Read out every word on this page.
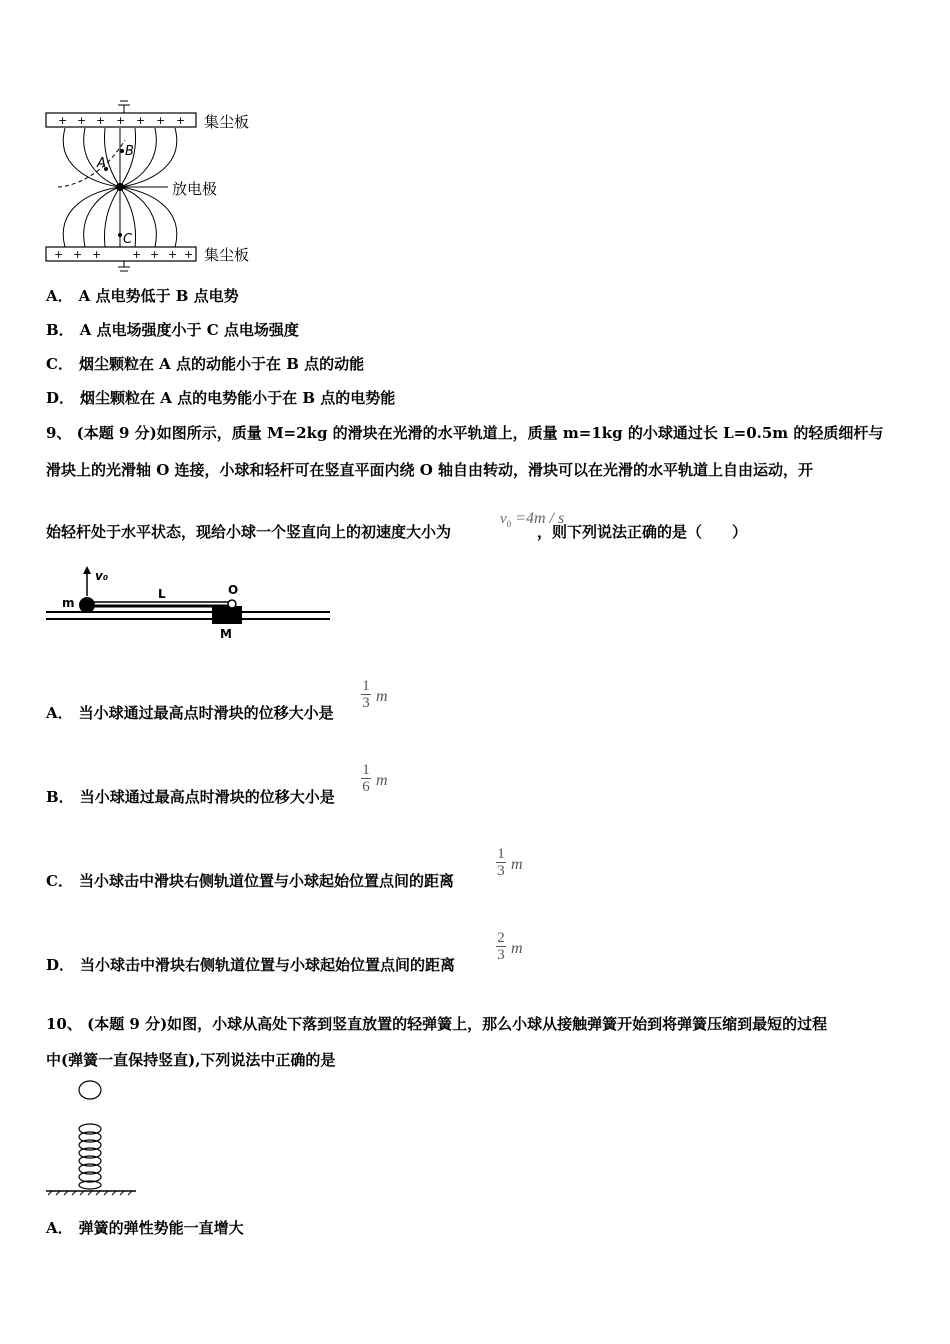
+ + + + + + + 集尘板
A
B
C
放电极
+ + +	+ + + + 集尘板
A． A 点电势低于 B 点电势
B． A 点电场强度小于 C 点电场强度
C． 烟尘颗粒在 A 点的动能小于在 B 点的动能
D． 烟尘颗粒在 A 点的电势能小于在 B 点的电势能
9、 (本题 9 分)如图所示，质量 M=2kg 的滑块在光滑的水平轨道上，质量 m=1kg 的小球通过长 L=0.5m 的轻质细杆与
滑块上的光滑轴 O 连接，小球和轻杆可在竖直平面内绕 O 轴自由转动，滑块可以在光滑的水平轨道上自由运动，开
始轻杆处于水平状态，现给小球一个竖直向上的初速度大小为	，则下列说法正确的是（　　）
$v_0 =4m / s$
v₀
m
L	O
M
A． 当小球通过最高点时滑块的位移大小是
1
3 m
B． 当小球通过最高点时滑块的位移大小是
1
6 m
C． 当小球击中滑块右侧轨道位置与小球起始位置点间的距离
1
3 m
D． 当小球击中滑块右侧轨道位置与小球起始位置点间的距离
2
3 m
10、 (本题 9 分)如图，小球从高处下落到竖直放置的轻弹簧上，那么小球从接触弹簧开始到将弹簧压缩到最短的过程
中(弹簧一直保持竖直),下列说法中正确的是
A． 弹簧的弹性势能一直增大
